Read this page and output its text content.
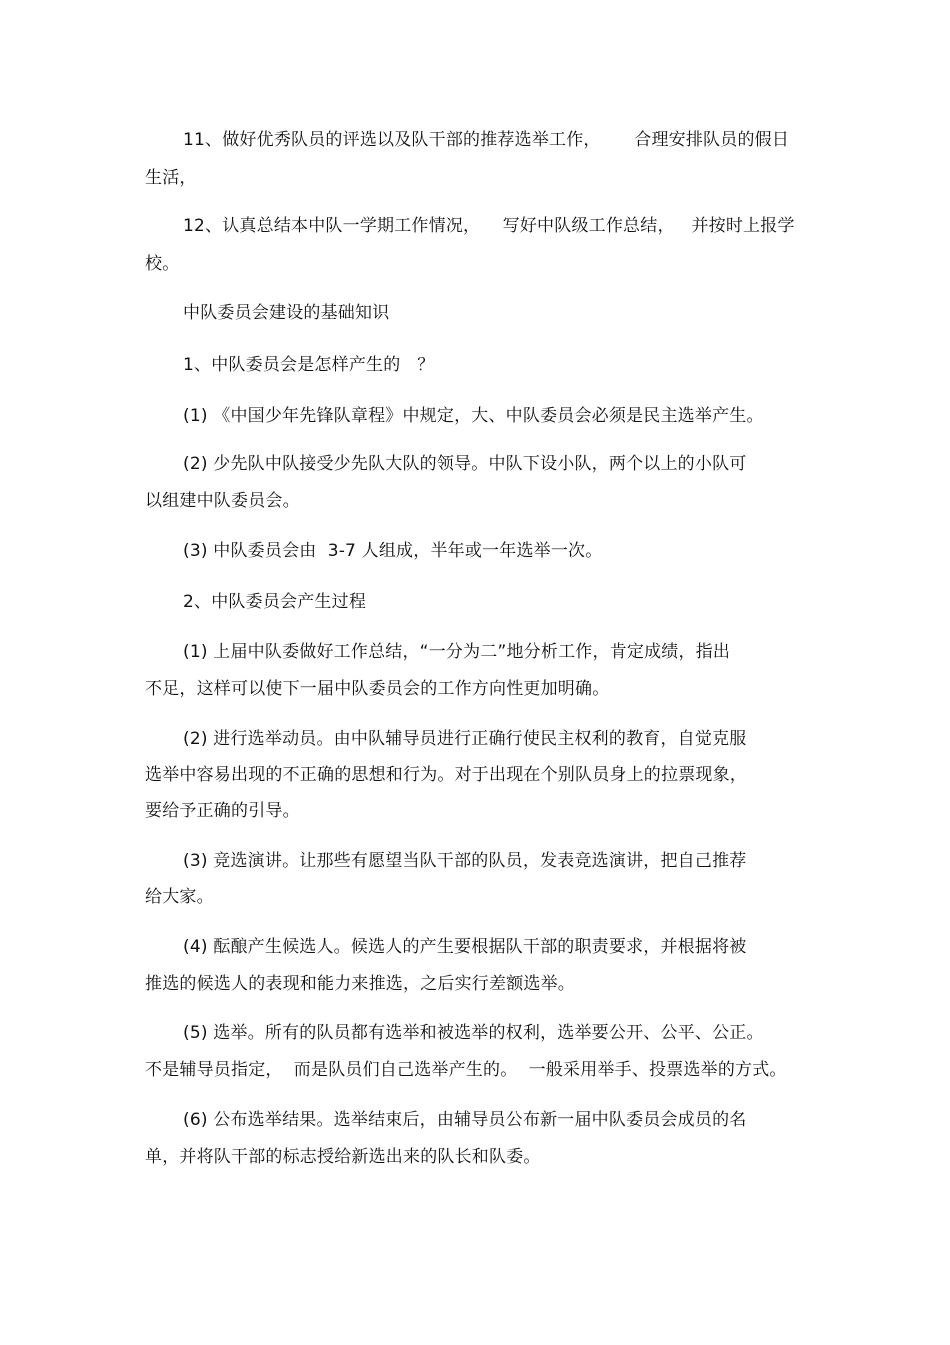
11、做好优秀队员的评选以及队干部的推荐选举工作，      合理安排队员的假日
生活，
12、认真总结本中队一学期工作情况，    写好中队级工作总结，   并按时上报学
校。
中队委员会建设的基础知识
1、中队委员会是怎样产生的   ？
(1) 《中国少年先锋队章程》中规定，大、中队委员会必须是民主选举产生。
(2) 少先队中队接受少先队大队的领导。中队下设小队，两个以上的小队可
以组建中队委员会。
(3) 中队委员会由  3-7 人组成，半年或一年选举一次。
2、中队委员会产生过程
(1) 上届中队委做好工作总结，“一分为二”地分析工作，肯定成绩，指出
不足，这样可以使下一届中队委员会的工作方向性更加明确。
(2) 进行选举动员。由中队辅导员进行正确行使民主权利的教育，自觉克服
选举中容易出现的不正确的思想和行为。对于出现在个别队员身上的拉票现象，
要给予正确的引导。
(3) 竞选演讲。让那些有愿望当队干部的队员，发表竞选演讲，把自己推荐
给大家。
(4) 酝酿产生候选人。候选人的产生要根据队干部的职责要求，并根据将被
推选的候选人的表现和能力来推选，之后实行差额选举。
(5) 选举。所有的队员都有选举和被选举的权利，选举要公开、公平、公正。
不是辅导员指定，  而是队员们自己选举产生的。  一般采用举手、投票选举的方式。
(6) 公布选举结果。选举结束后，由辅导员公布新一届中队委员会成员的名
单，并将队干部的标志授给新选出来的队长和队委。
